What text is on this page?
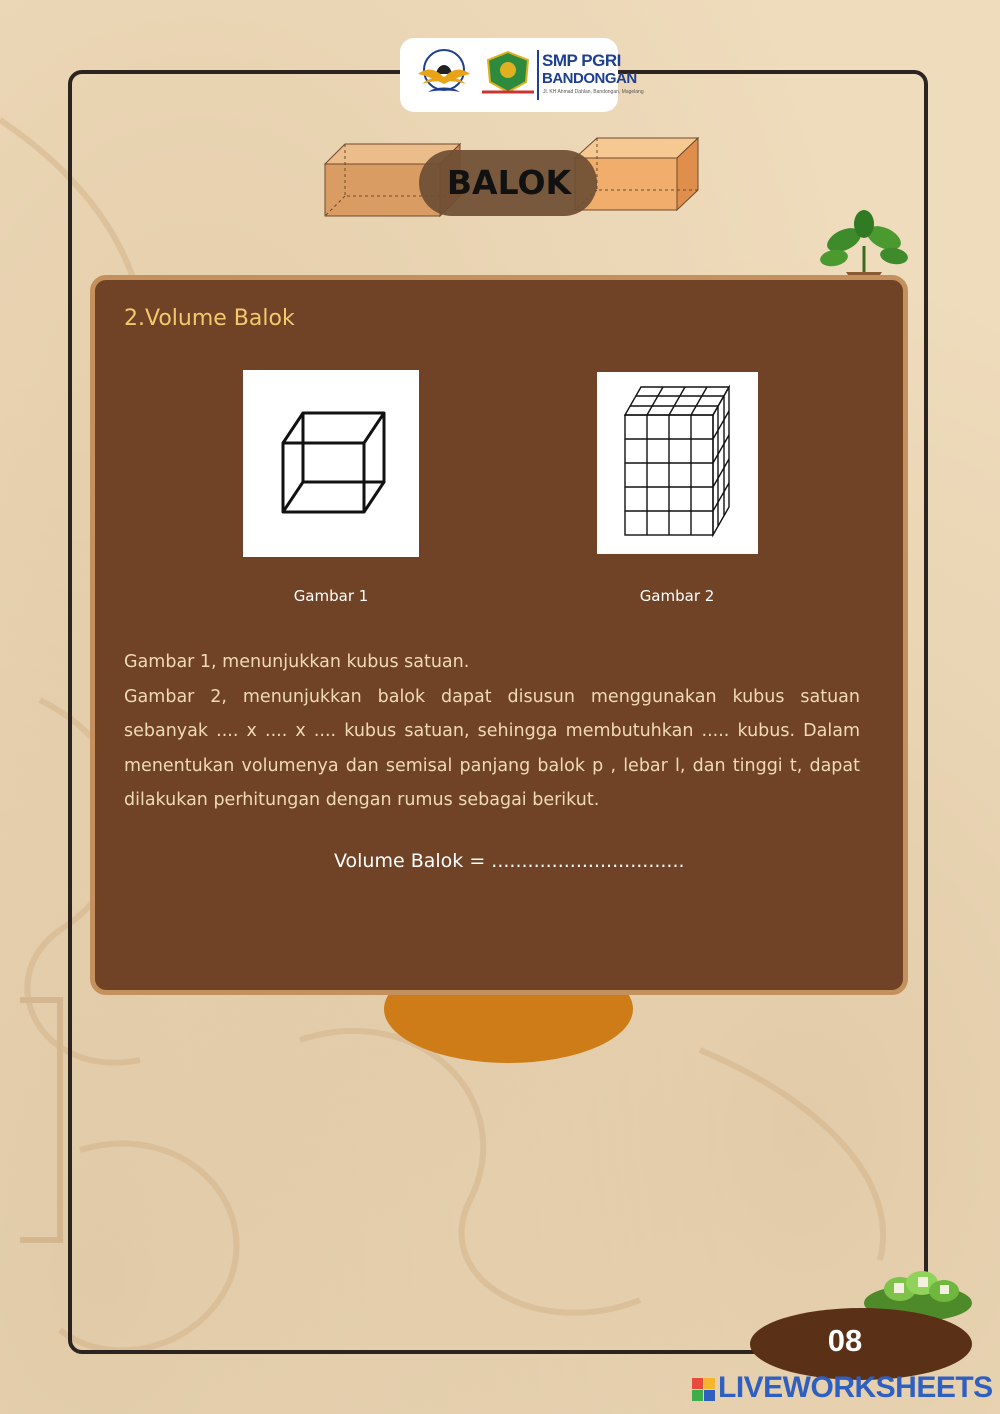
SMP PGRI
BANDONGAN
Jl. KH Ahmad Dahlan, Bandongan, Magelang
BALOK
2.Volume Balok
Gambar 1	Gambar 2

Gambar 1, menunjukkan kubus satuan.

Gambar 2, menunjukkan balok dapat disusun menggunakan kubus satuan sebanyak .... x .... x .... kubus satuan, sehingga membutuhkan ..... kubus. Dalam menentukan volumenya dan semisal panjang balok p , lebar l, dan tinggi t, dapat dilakukan perhitungan dengan rumus sebagai berikut.

Volume Balok = ................................
08
LIVEWORKSHEETS
